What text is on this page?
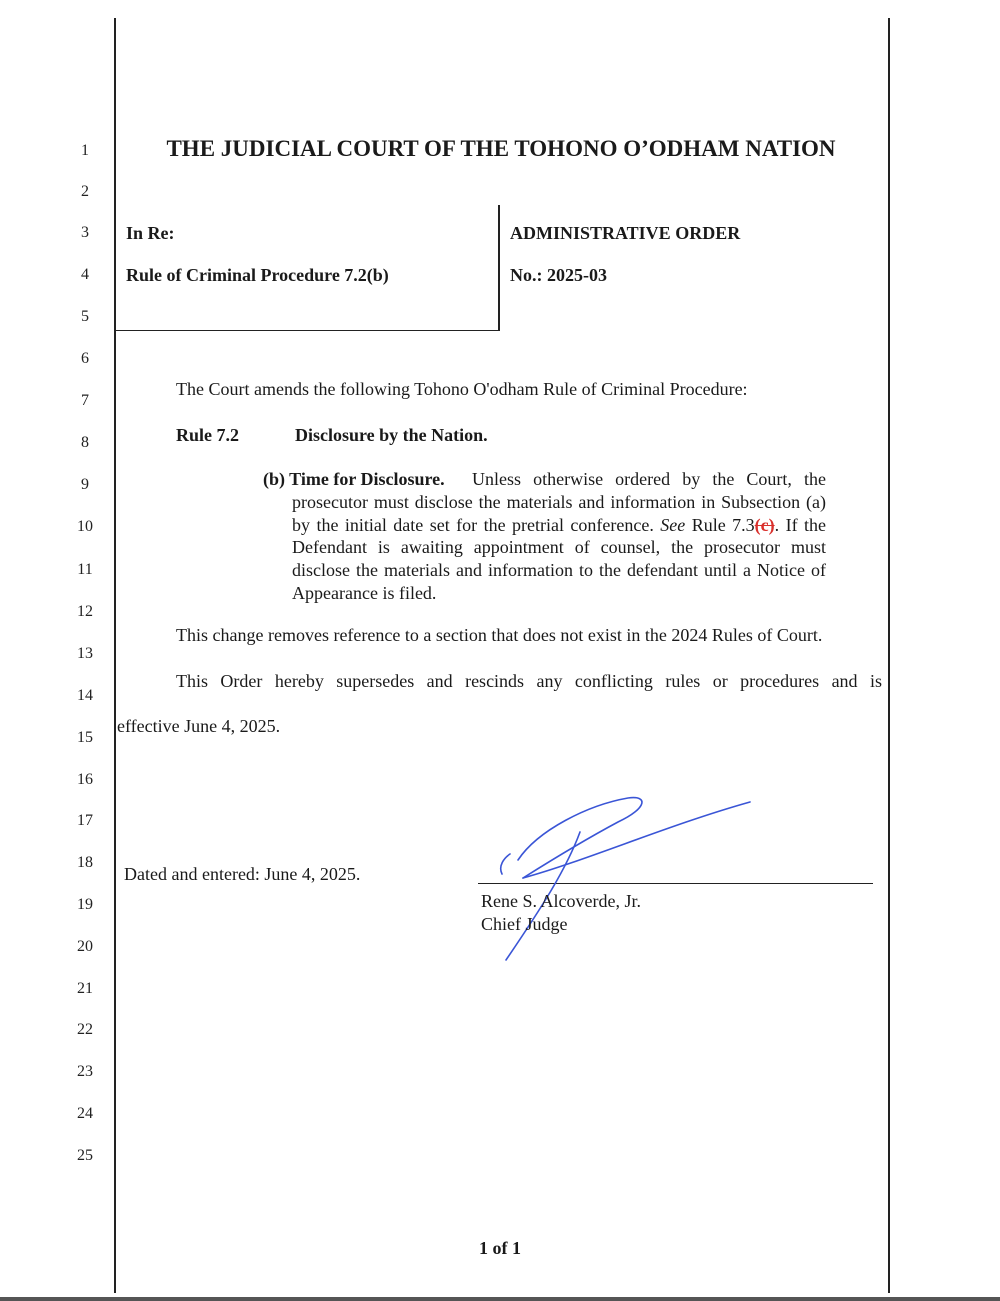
1
2
3
4
5
6
7
8
9
10
11
12
13
14
15
16
17
18
19
20
21
22
23
24
25
THE JUDICIAL COURT OF THE TOHONO O’ODHAM NATION
In Re:
Rule of Criminal Procedure 7.2(b)
ADMINISTRATIVE ORDER
No.: 2025-03
The Court amends the following Tohono O'odham Rule of Criminal Procedure:
Rule 7.2	Disclosure by the Nation.
(b) Time for Disclosure.	Unless otherwise ordered by the Court, the prosecutor must disclose the materials and information in Subsection (a) by the initial date set for the pretrial conference. See Rule 7.3(c). If the Defendant is awaiting appointment of counsel, the prosecutor must disclose the materials and information to the defendant until a Notice of Appearance is filed.
This change removes reference to a section that does not exist in the 2024 Rules of Court.
This Order hereby supersedes and rescinds any conflicting rules or procedures and is
effective June 4, 2025.
Dated and entered: June 4, 2025.
Rene S. Alcoverde, Jr.
Chief Judge
1 of 1
